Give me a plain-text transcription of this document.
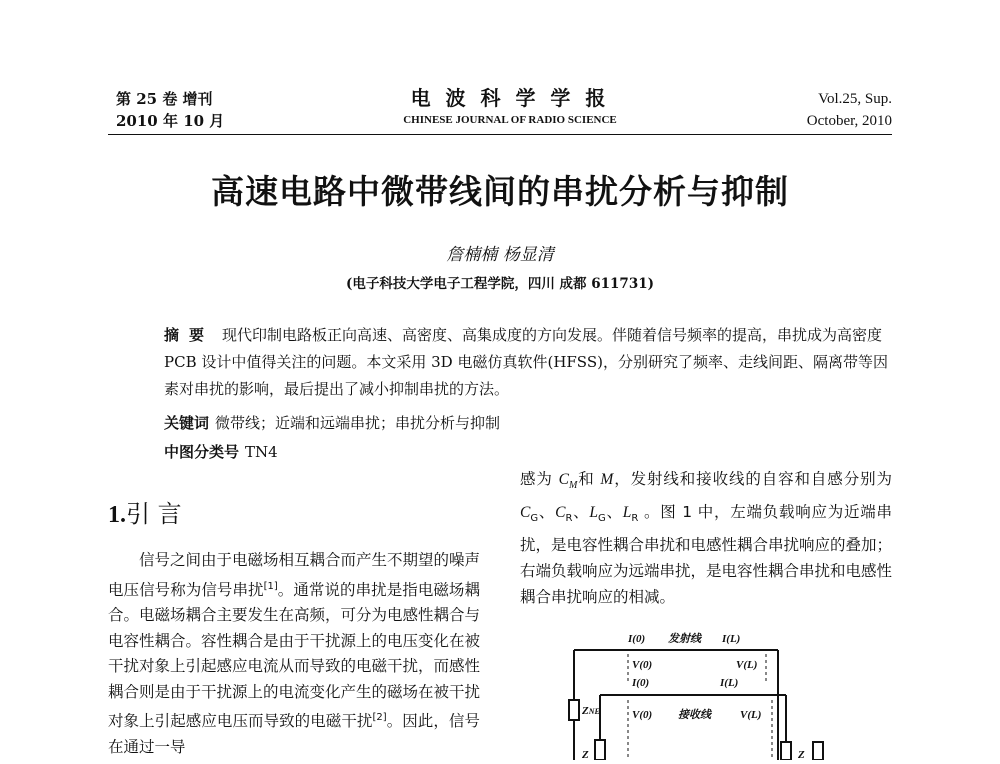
第 25 卷 增刊
2010 年 10 月
电 波 科 学 学 报
CHINESE JOURNAL OF RADIO SCIENCE
Vol.25, Sup.
October, 2010
高速电路中微带线间的串扰分析与抑制
詹楠楠 杨显清
(电子科技大学电子工程学院，四川 成都 611731)
摘要 现代印制电路板正向高速、高密度、高集成度的方向发展。伴随着信号频率的提高，串扰成为高密度 PCB 设计中值得关注的问题。本文采用 3D 电磁仿真软件(HFSS)，分别研究了频率、走线间距、隔离带等因素对串扰的影响，最后提出了减小抑制串扰的方法。
关键词 微带线；近端和远端串扰；串扰分析与抑制
中图分类号 TN4
1.引 言

信号之间由于电磁场相互耦合而产生不期望的噪声电压信号称为信号串扰[1]。通常说的串扰是指电磁场耦合。电磁场耦合主要发生在高频，可分为电感性耦合与电容性耦合。容性耦合是由于干扰源上的电压变化在被干扰对象上引起感应电流从而导致的电磁干扰，而感性耦合则是由于干扰源上的电流变化产生的磁场在被干扰对象上引起感应电压而导致的电磁干扰[2]。因此，信号在通过一导

感为 $C_M$和 M，发射线和接收线的自容和自感分别为 $C_G$、$C_R$、$L_G$、$L_R$ 。图 1 中，左端负载响应为近端串扰，是电容性耦合串扰和电感性耦合串扰响应的叠加；右端负载响应为远端串扰，是电容性耦合串扰和电感性耦合串扰响应的相减。

I(0) 发射线 I(L)
V(0)	V(L)
I(0)	I(L)
V(0) 接收线	V(L)
ZNE
Z	Z
